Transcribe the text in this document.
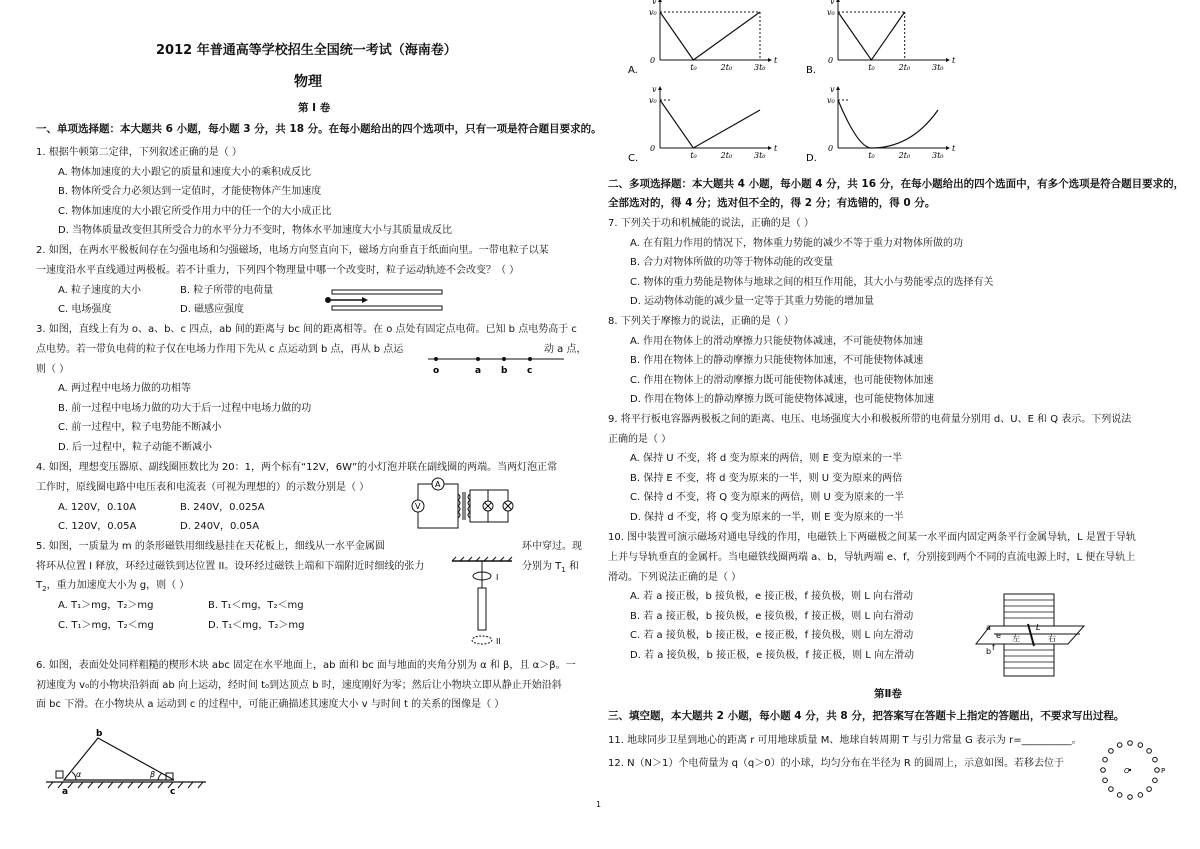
2012 年普通高等学校招生全国统一考试（海南卷）
物理
第 I 卷
一、单项选择题：本大题共 6 小题，每小题 3 分，共 18 分。在每小题给出的四个选项中，只有一项是符合题目要求的。
1. 根据牛顿第二定律，下列叙述正确的是（ ）
A. 物体加速度的大小跟它的质量和速度大小的乘积成反比
B. 物体所受合力必须达到一定值时，才能使物体产生加速度
C. 物体加速度的大小跟它所受作用力中的任一个的大小成正比
D. 当物体质量改变但其所受合力的水平分力不变时，物体水平加速度大小与其质量成反比
2. 如图，在两水平极板间存在匀强电场和匀强磁场，电场方向竖直向下，磁场方向垂直于纸面向里。一带电粒子以某
一速度沿水平直线通过两极板。若不计重力，下列四个物理量中哪一个改变时，粒子运动轨迹不会改变？（ ）
A. 粒子速度的大小	B. 粒子所带的电荷量
C. 电场强度	D. 磁感应强度
3. 如图，直线上有为 o、a、b、c 四点，ab 间的距离与 bc 间的距离相等。在 o 点处有固定点电荷。已知 b 点电势高于 c
点电势。若一带负电荷的粒子仅在电场力作用下先从 c 点运动到 b 点，再从 b 点运	动 a 点，
则（ ）
A. 两过程中电场力做的功相等
B. 前一过程中电场力做的功大于后一过程中电场力做的功
C. 前一过程中，粒子电势能不断减小
D. 后一过程中，粒子动能不断减小
o	a b c
4. 如图，理想变压器原、副线圈匝数比为 20：1，两个标有“12V，6W”的小灯泡并联在副线圈的两端。当两灯泡正常
工作时，原线圈电路中电压表和电流表（可视为理想的）的示数分别是（ ）
A. 120V，0.10A	B. 240V，0.025A
C. 120V，0.05A	D. 240V，0.05A
A
V
5. 如图，一质量为 m 的条形磁铁用细线悬挂在天花板上，细线从一水平金属圆	环中穿过。现
将环从位置 I 释放，环经过磁铁到达位置 II。设环经过磁铁上端和下端附近时细线的张力	分别为 $T_1$ 和
$T_2$，重力加速度大小为 g，则（ ）
A. T₁＞mg，T₂＞mg	B. T₁＜mg，T₂＜mg
C. T₁＞mg，T₂＜mg	D. T₁＜mg，T₂＞mg
I
II
6. 如图，表面处处同样粗糙的楔形木块 abc 固定在水平地面上，ab 面和 bc 面与地面的夹角分别为 α 和 β，且 α＞β。一
初速度为 v₀的小物块沿斜面 ab 向上运动，经时间 t₀到达顶点 b 时，速度刚好为零；然后让小物块立即从静止开始沿斜
面 bc 下滑。在小物块从 a 运动到 c 的过程中，可能正确描述其速度大小 v 与时间 t 的关系的图像是（ ）
α	β
b
a	c
v
v₀
0	t
t₀	2t₀	3t₀
A.
v
v₀
0	t
t₀	2t₀	3t₀
B.
v
v₀
0	t
t₀	2t₀	3t₀
C.
v
v₀
0	t
t₀	2t₀	3t₀
D.
二、多项选择题：本大题共 4 小题，每小题 4 分，共 16 分，在每小题给出的四个选面中，有多个选项是符合题目要求的，
全部选对的，得 4 分；选对但不全的，得 2 分；有选错的，得 0 分。
7. 下列关于功和机械能的说法，正确的是（ ）
A. 在有阻力作用的情况下，物体重力势能的减少不等于重力对物体所做的功
B. 合力对物体所做的功等于物体动能的改变量
C. 物体的重力势能是物体与地球之间的相互作用能，其大小与势能零点的选择有关
D. 运动物体动能的减少量一定等于其重力势能的增加量
8. 下列关于摩擦力的说法，正确的是（ ）
A. 作用在物体上的滑动摩擦力只能使物体减速，不可能使物体加速
B. 作用在物体上的静动摩擦力只能使物体加速，不可能使物体减速
C. 作用在物体上的滑动摩擦力既可能使物体减速，也可能使物体加速
D. 作用在物体上的静动摩擦力既可能使物体减速，也可能使物体加速
9. 将平行板电容器两极板之间的距离、电压、电场强度大小和极板所带的电荷量分别用 d、U、E 和 Q 表示。下列说法
正确的是（ ）
A. 保持 U 不变，将 d 变为原来的两倍，则 E 变为原来的一半
B. 保持 E 不变，将 d 变为原来的一半，则 U 变为原来的两倍
C. 保持 d 不变，将 Q 变为原来的两倍，则 U 变为原来的一半
D. 保持 d 不变，将 Q 变为原来的一半，则 E 变为原来的一半
10. 图中装置可演示磁场对通电导线的作用，电磁铁上下两磁极之间某一水平面内固定两条平行金属导轨，L 是置于导轨
上并与导轨垂直的金属杆。当电磁铁线圈两端 a、b，导轨两端 e、f，分别接到两个不同的直流电源上时，L 便在导轨上
滑动。下列说法正确的是（ ）
A. 若 a 接正极，b 接负极，e 接正极，f 接负极，则 L 向右滑动
B. 若 a 接正极，b 接负极，e 接负极，f 接正极，则 L 向右滑动
C. 若 a 接负极，b 接正极，e 接正极，f 接负极，则 L 向左滑动
D. 若 a 接负极，b 接正极，e 接负极，f 接正极，则 L 向左滑动
左	右
L
a
b
e
f
第Ⅱ卷
三、填空题，本大题共 2 小题，每小题 4 分，共 8 分，把答案写在答题卡上指定的答题出，不要求写出过程。
11. 地球同步卫星到地心的距离 r 可用地球质量 M、地球自转周期 T 与引力常量 G 表示为 r=__________。
12. N（N＞1）个电荷量为 q（q＞0）的小球，均匀分布在半径为 R 的圆周上，示意如图。若移去位于
O	P
1
